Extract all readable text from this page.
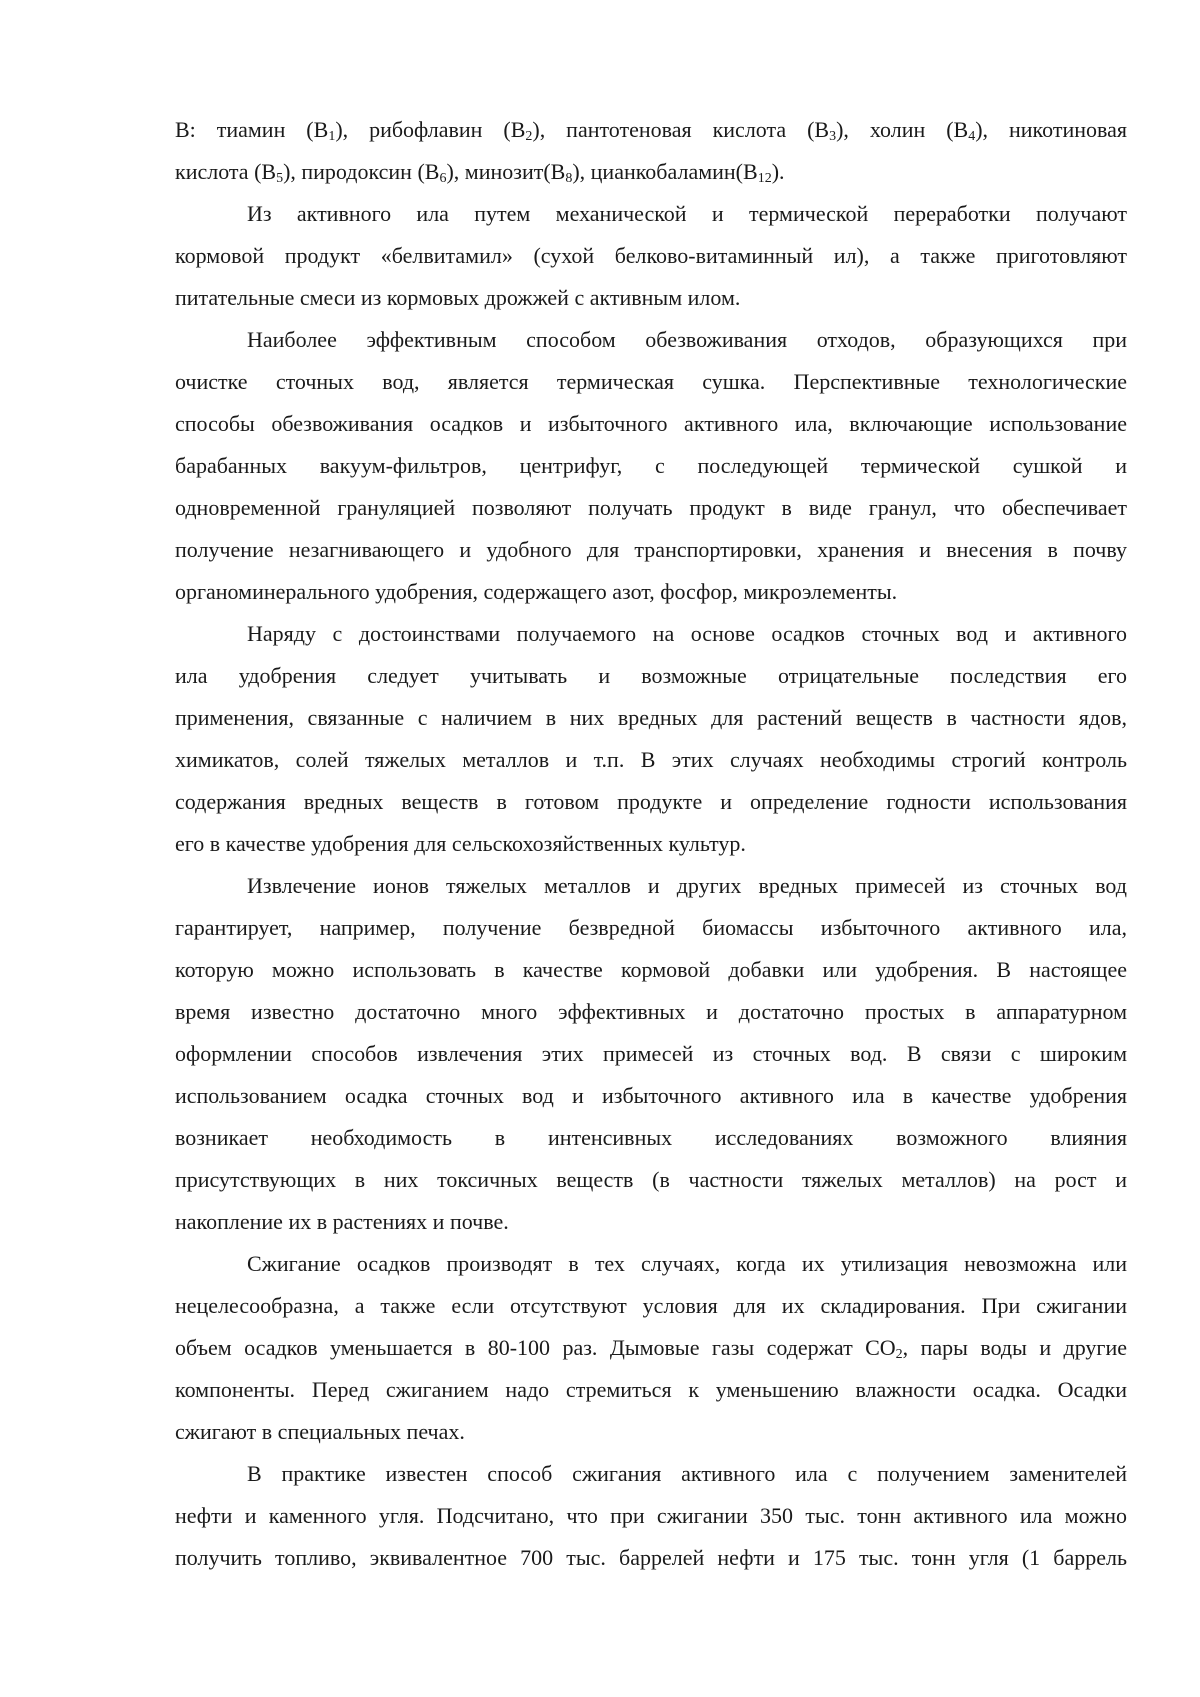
В: тиамин $(В_1)$, рибофлавин $(В_2)$, пантотеновая кислота $(В_3)$, холин $(В_4)$, никотиновая
кислота $(В_5)$, пиродоксин $(В_6)$, $минозит(В_8)$, $цианкобаламин(В_{12})$.
Из активного ила путем механической и термической переработки получают
кормовой продукт «белвитамил» (сухой белково-витаминный ил), а также приготовляют
питательные смеси из кормовых дрожжей с активным илом.
Наиболее эффективным способом обезвоживания отходов, образующихся при
очистке сточных вод, является термическая сушка. Перспективные технологические
способы обезвоживания осадков и избыточного активного ила, включающие использование
барабанных вакуум-фильтров, центрифуг, с последующей термической сушкой и
одновременной грануляцией позволяют получать продукт в виде гранул, что обеспечивает
получение незагнивающего и удобного для транспортировки, хранения и внесения в почву
органоминерального удобрения, содержащего азот, фосфор, микроэлементы.
Наряду с достоинствами получаемого на основе осадков сточных вод и активного
ила удобрения следует учитывать и возможные отрицательные последствия его
применения, связанные с наличием в них вредных для растений веществ в частности ядов,
химикатов, солей тяжелых металлов и т.п. В этих случаях необходимы строгий контроль
содержания вредных веществ в готовом продукте и определение годности использования
его в качестве удобрения для сельскохозяйственных культур.
Извлечение ионов тяжелых металлов и других вредных примесей из сточных вод
гарантирует, например, получение безвредной биомассы избыточного активного ила,
которую можно использовать в качестве кормовой добавки или удобрения. В настоящее
время известно достаточно много эффективных и достаточно простых в аппаратурном
оформлении способов извлечения этих примесей из сточных вод. В связи с широким
использованием осадка сточных вод и избыточного активного ила в качестве удобрения
возникает необходимость в интенсивных исследованиях возможного влияния
присутствующих в них токсичных веществ (в частности тяжелых металлов) на рост и
накопление их в растениях и почве.
Сжигание осадков производят в тех случаях, когда их утилизация невозможна или
нецелесообразна, а также если отсутствуют условия для их складирования. При сжигании
объем осадков уменьшается в 80-100 раз. Дымовые газы содержат $СО_2$, пары воды и другие
компоненты. Перед сжиганием надо стремиться к уменьшению влажности осадка. Осадки
сжигают в специальных печах.
В практике известен способ сжигания активного ила с получением заменителей
нефти и каменного угля. Подсчитано, что при сжигании 350 тыс. тонн активного ила можно
получить топливо, эквивалентное 700 тыс. баррелей нефти и 175 тыс. тонн угля (1 баррель
